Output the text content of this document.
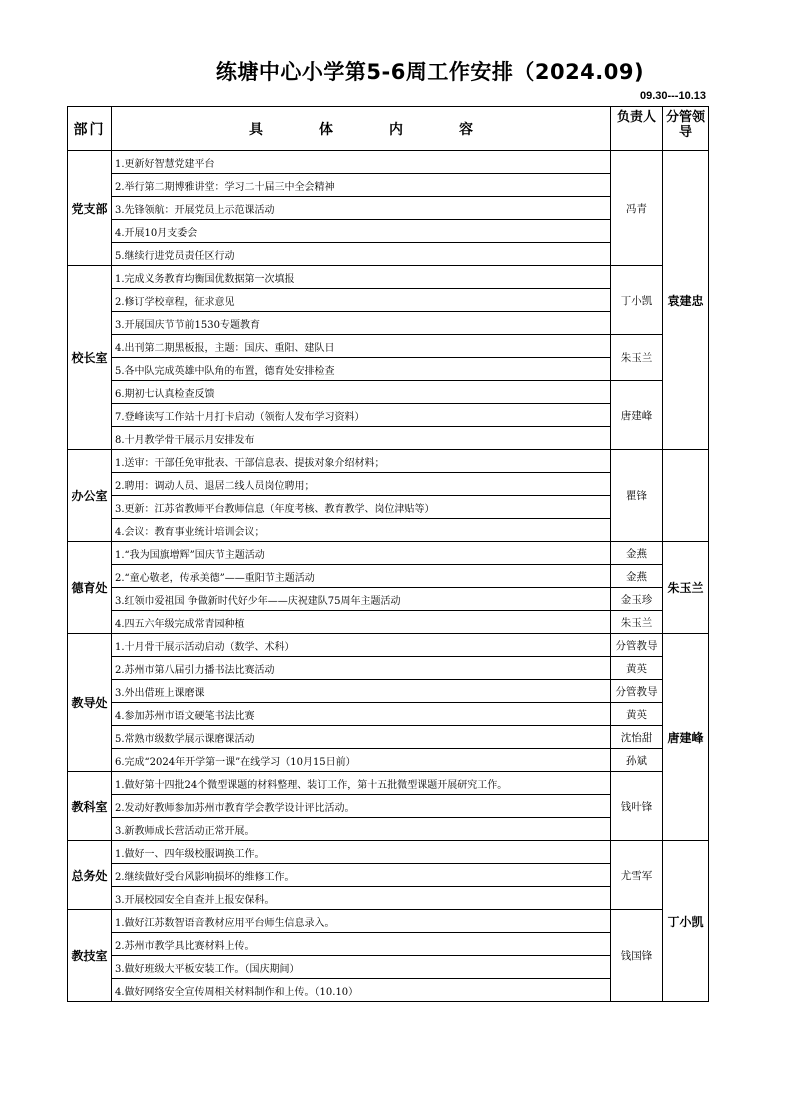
练塘中心小学第5-6周工作安排（2024.09)
09.30---10.13
部门	具 体 内 容	负责人	分管领导
党支部	1.更新好智慧党建平台	冯青	袁建忠
	2.举行第二期博雅讲堂：学习二十届三中全会精神		
	3.先锋领航：开展党员上示范课活动		
	4.开展10月支委会		
	5.继续行进党员责任区行动		
校长室	1.完成义务教育均衡国优数据第一次填报	丁小凯	
	2.修订学校章程，征求意见		
	3.开展国庆节节前1530专题教育		
	4.出刊第二期黑板报，主题：国庆、重阳、建队日	朱玉兰	
	5.各中队完成英雄中队角的布置，德育处安排检查		
	6.期初七认真检查反馈	唐建峰	
	7.登峰读写工作站十月打卡启动（领衔人发布学习资料）		
	8.十月教学骨干展示月安排发布		
办公室	1.送审：干部任免审批表、干部信息表、提拔对象介绍材料；	瞿锋	
	2.聘用：调动人员、退居二线人员岗位聘用；		
	3.更新：江苏省教师平台教师信息（年度考核、教育教学、岗位津贴等）		
	4.会议：教育事业统计培训会议；		
德育处	1.“我为国旗增辉”国庆节主题活动	金燕	朱玉兰
	2.“童心敬老，传承美德”——重阳节主题活动	金燕	
	3.红领巾爱祖国 争做新时代好少年——庆祝建队75周年主题活动	金玉珍	
	4.四五六年级完成常青园种植	朱玉兰	
教导处	1.十月骨干展示活动启动（数学、术科）	分管教导	唐建峰
	2.苏州市第八届引力播书法比赛活动	黄英	
	3.外出借班上课磨课	分管教导	
	4.参加苏州市语文硬笔书法比赛	黄英	
	5.常熟市级数学展示课磨课活动	沈怡甜	
	6.完成“2024年开学第一课”在线学习（10月15日前）	孙斌	
教科室	1.做好第十四批24个微型课题的材料整理、装订工作，第十五批微型课题开展研究工作。	钱叶锋	
	2.发动好教师参加苏州市教育学会教学设计评比活动。		
	3.新教师成长营活动正常开展。		
总务处	1.做好一、四年级校服调换工作。	尤雪军	丁小凯
	2.继续做好受台风影响损坏的维修工作。		
	3.开展校园安全自查并上报安保科。		
教技室	1.做好江苏数智语音教材应用平台师生信息录入。	钱国锋	
	2.苏州市教学具比赛材料上传。		
	3.做好班级大平板安装工作。（国庆期间）		
	4.做好网络安全宣传周相关材料制作和上传。（10.10）		
